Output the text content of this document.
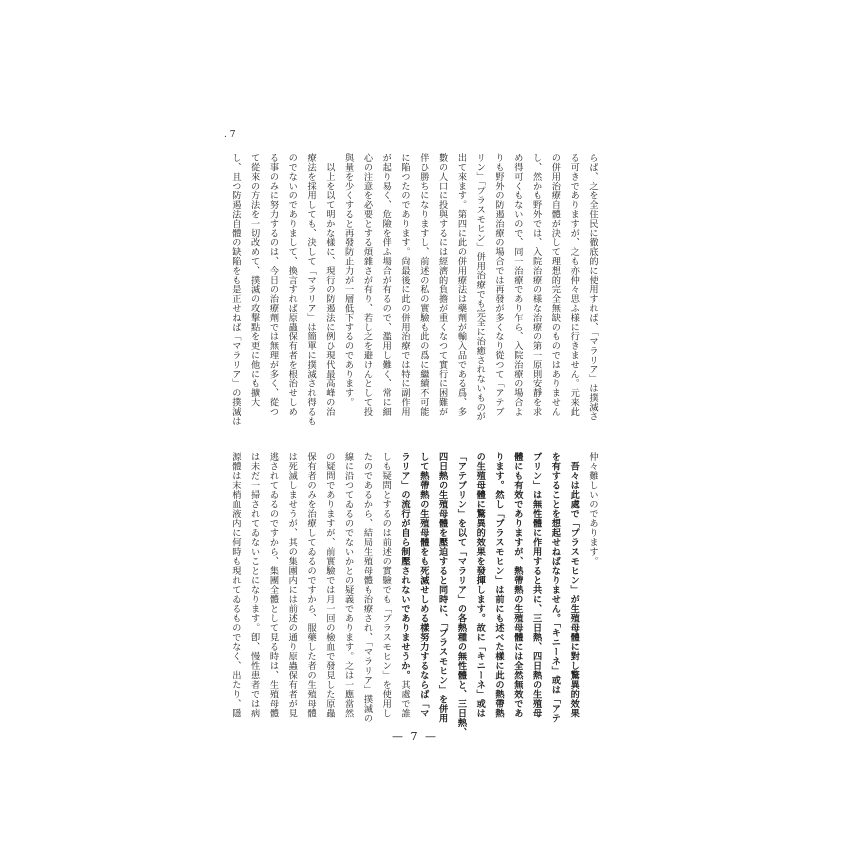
. 7
らば、之を全住民に徹底的に使用すれば、「マラリア」は撲滅さ
る可きでありますが、之も亦仲々思ふ様に行きません。元来此
の併用治療自體が決して理想的完全無缺のものではありません
し、然かも野外では、入院治療の様な治療の第一原則安靜を求
め得可くもないので、同一治療であり乍ら、入院治療の場合よ
りも野外の防遏治療の場合では再發が多くなり從つて「アテブ
リン」「プラスモヒン」併用治療でも完全に治癒されないものが
出て來ます。第四に此の併用療法は藥劑が輸入品である爲、多
數の人口に投與するには經濟的負擔が重くなつて實行に困難が
伴ひ勝ちになりますし、前述の私の實驗も此の爲に繼續不可能
に陥つたのであります。尙最後に此の併用治療では特に副作用
が起り易く、危險を伴ふ場合が有るので、濫用し難く、常に細
心の注意を必要とする煩雜さが有り、若し之を避けんとして投
與量を少くすると再發防止力が一層低下するのであります。
　以上を以て明かな樣に、現行の防遏法に例ひ現代最高峰の治
療法を採用しても、決して「マラリア」は簡單に撲滅され得るも
のでないのでありまして、換言すれば原蟲保有者を根治せしめ
る事のみに努力するのは、今日の治療劑では無理が多く、從つ
て從來の方法を一切改めて、撲滅の攻撃點を更に他にも擴大
し、且つ防遏法自體の缺陥をも是正せねば「マラリア」の撲滅は
仲々難しいのであります。
　吾々は此處で「プラスモヒン」が生殖母體に對し驚異的效果
を有することを想起せねばなりません。「キニーネ」或は「アテ
ブリン」は無性體に作用すると共に、三日熱、四日熱の生殖母
體にも有效でありますが、熱帶熱の生殖母體には全然無效であ
ります。然し「プラスモヒン」は前にも述べた樣に此の熱帶熱
の生殖母體に驚異的效果を發揮します。故に「キニーネ」或は
「アテブリン」を以て「マラリア」の各熱種の無性體と、三日熱、
四日熱の生殖母體を壓迫すると同時に、「プラスモヒン」を併用
して熱帶熱の生殖母體をも死滅せしめる樣努力するならば「マ
ラリア」の流行が自ら制壓されないでありませうか。其處で誰
しも疑問とするのは前述の實驗でも「プラスモヒン」を使用し
たのであるから、結局生殖母體も治療され、「マラリア」撲滅の
線に沿つてゐるのでないかとの疑義であります。之は一應當然
の疑問でありますが、前實驗では月一回の檢血で發見した原蟲
保有者のみを治療してゐるのですから、服藥した者の生殖母體
は死滅しませうが、其の集團内には前述の通り原蟲保有者が見
逃されてゐるのですから、集團全體として見る時は、生殖母體
は未だ一掃されてゐないことになります。卽、慢性患者では病
源體は末梢血液内に何時も現れてゐるものでなく、出たり、隱
— 7 —
